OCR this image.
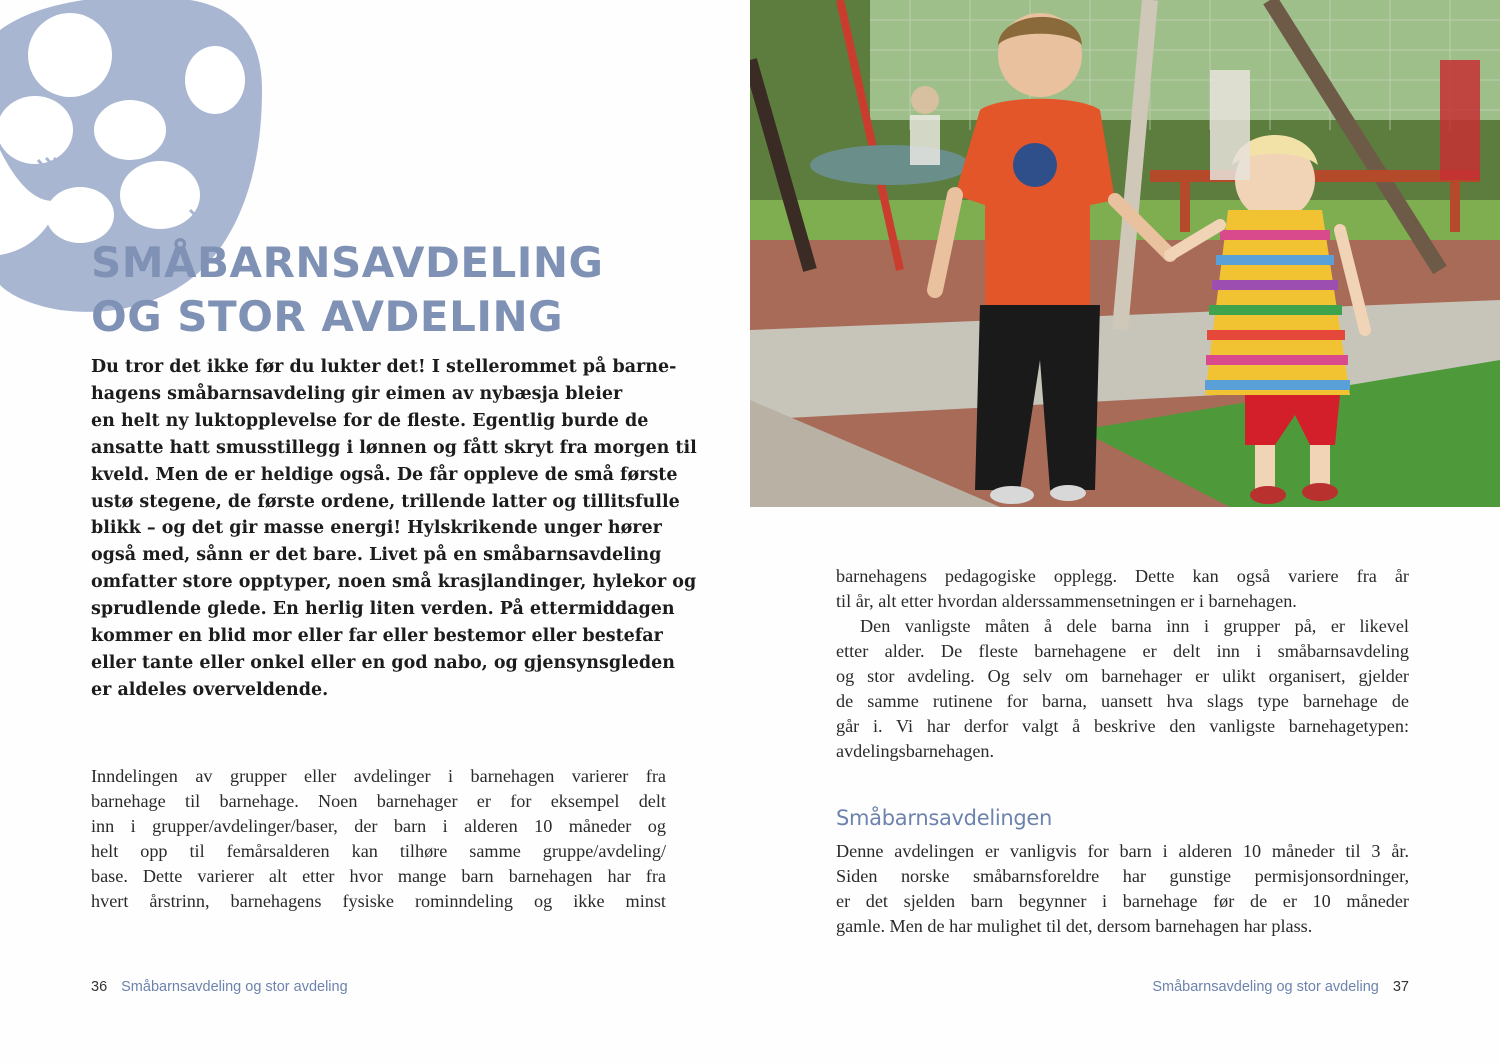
SMÅBARNSAVDELING
OG STOR AVDELING
Du tror det ikke før du lukter det! I stellerommet på barne-
hagens småbarnsavdeling gir eimen av nybæsja bleier
en helt ny luktopplevelse for de fleste. Egentlig burde de
ansatte hatt smusstillegg i lønnen og fått skryt fra morgen til
kveld. Men de er heldige også. De får oppleve de små første
ustø stegene, de første ordene, trillende latter og tillitsfulle
blikk – og det gir masse energi! Hylskrikende unger hører
også med, sånn er det bare. Livet på en småbarnsavdeling
omfatter store opptурer, noen små krasjlandinger, hylekor og
sprudlende glede. En herlig liten verden. På ettermiddagen
kommer en blid mor eller far eller bestemor eller bestefar
eller tante eller onkel eller en god nabo, og gjensynsgleden
er aldeles overveldende.
Inndelingen av grupper eller avdelinger i barnehagen varierer fra
barnehage til barnehage. Noen barnehager er for eksempel delt
inn i grupper/avdelinger/baser, der barn i alderen 10 måneder og
helt opp til femårsalderen kan tilhøre samme gruppe/avdeling/
base. Dette varierer alt etter hvor mange barn barnehagen har fra
hvert årstrinn, barnehagens fysiske rominndeling og ikke minst
barnehagens pedagogiske opplegg. Dette kan også variere fra år
til år, alt etter hvordan alderssammensetningen er i barnehagen.
Den vanligste måten å dele barna inn i grupper på, er likevel
etter alder. De fleste barnehagene er delt inn i småbarnsavdeling
og stor avdeling. Og selv om barnehager er ulikt organisert, gjelder
de samme rutinene for barna, uansett hva slags type barnehage de
går i. Vi har derfor valgt å beskrive den vanligste barnehagetypen:
avdelingsbarnehagen.
Småbarnsavdelingen
Denne avdelingen er vanligvis for barn i alderen 10 måneder til 3 år.
Siden norske småbarnsforeldre har gunstige permisjonsordninger,
er det sjelden barn begynner i barnehage før de er 10 måneder
gamle. Men de har mulighet til det, dersom barnehagen har plass.
36 Småbarnsavdeling og stor avdeling	Småbarnsavdeling og stor avdeling 37
